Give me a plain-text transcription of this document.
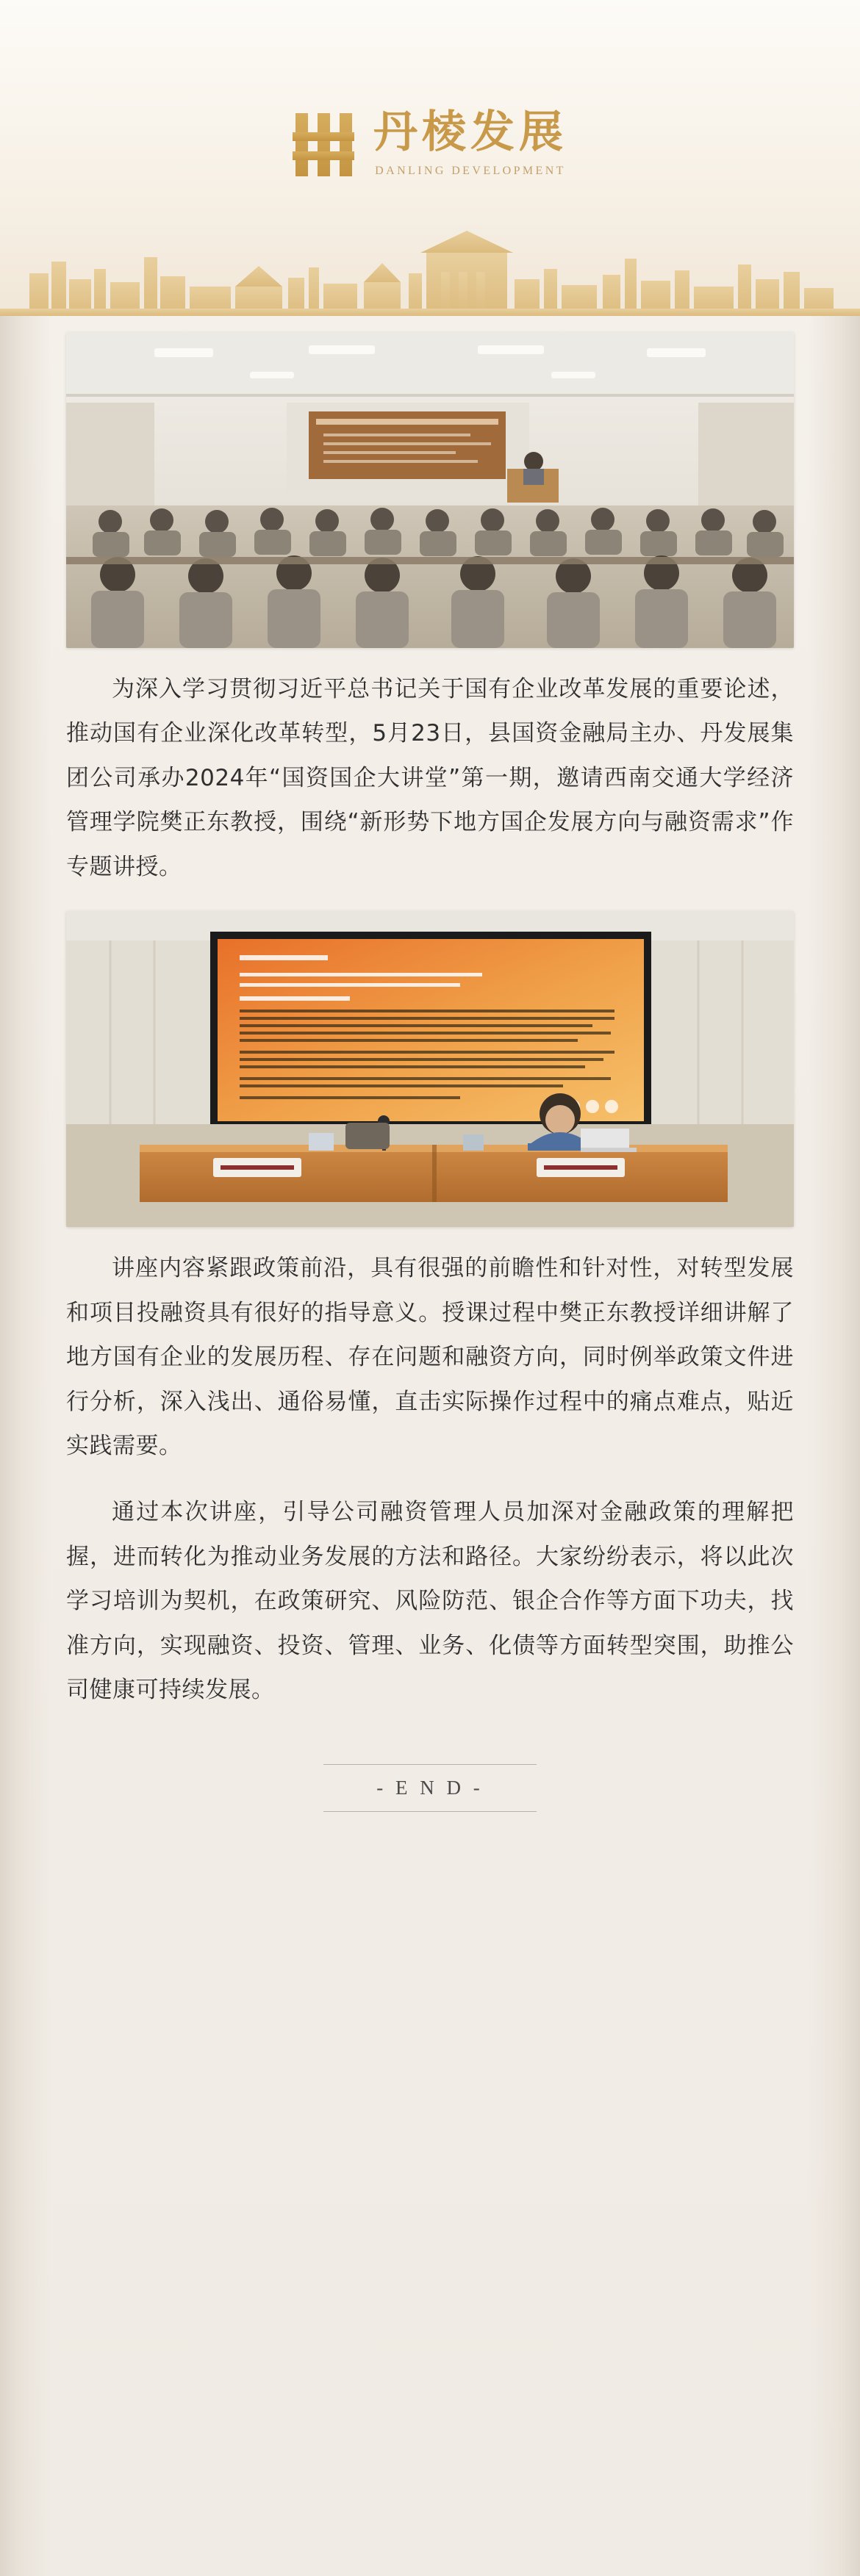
丹棱发展
DANLING DEVELOPMENT

为深入学习贯彻习近平总书记关于国有企业改革发展的重要论述，推动国有企业深化改革转型，5月23日，县国资金融局主办、丹发展集团公司承办2024年“国资国企大讲堂”第一期，邀请西南交通大学经济管理学院樊正东教授，围绕“新形势下地方国企发展方向与融资需求”作专题讲授。

讲座内容紧跟政策前沿，具有很强的前瞻性和针对性，对转型发展和项目投融资具有很好的指导意义。授课过程中樊正东教授详细讲解了地方国有企业的发展历程、存在问题和融资方向，同时例举政策文件进行分析，深入浅出、通俗易懂，直击实际操作过程中的痛点难点，贴近实践需要。

通过本次讲座，引导公司融资管理人员加深对金融政策的理解把握，进而转化为推动业务发展的方法和路径。大家纷纷表示，将以此次学习培训为契机，在政策研究、风险防范、银企合作等方面下功夫，找准方向，实现融资、投资、管理、业务、化债等方面转型突围，助推公司健康可持续发展。

- E N D -
